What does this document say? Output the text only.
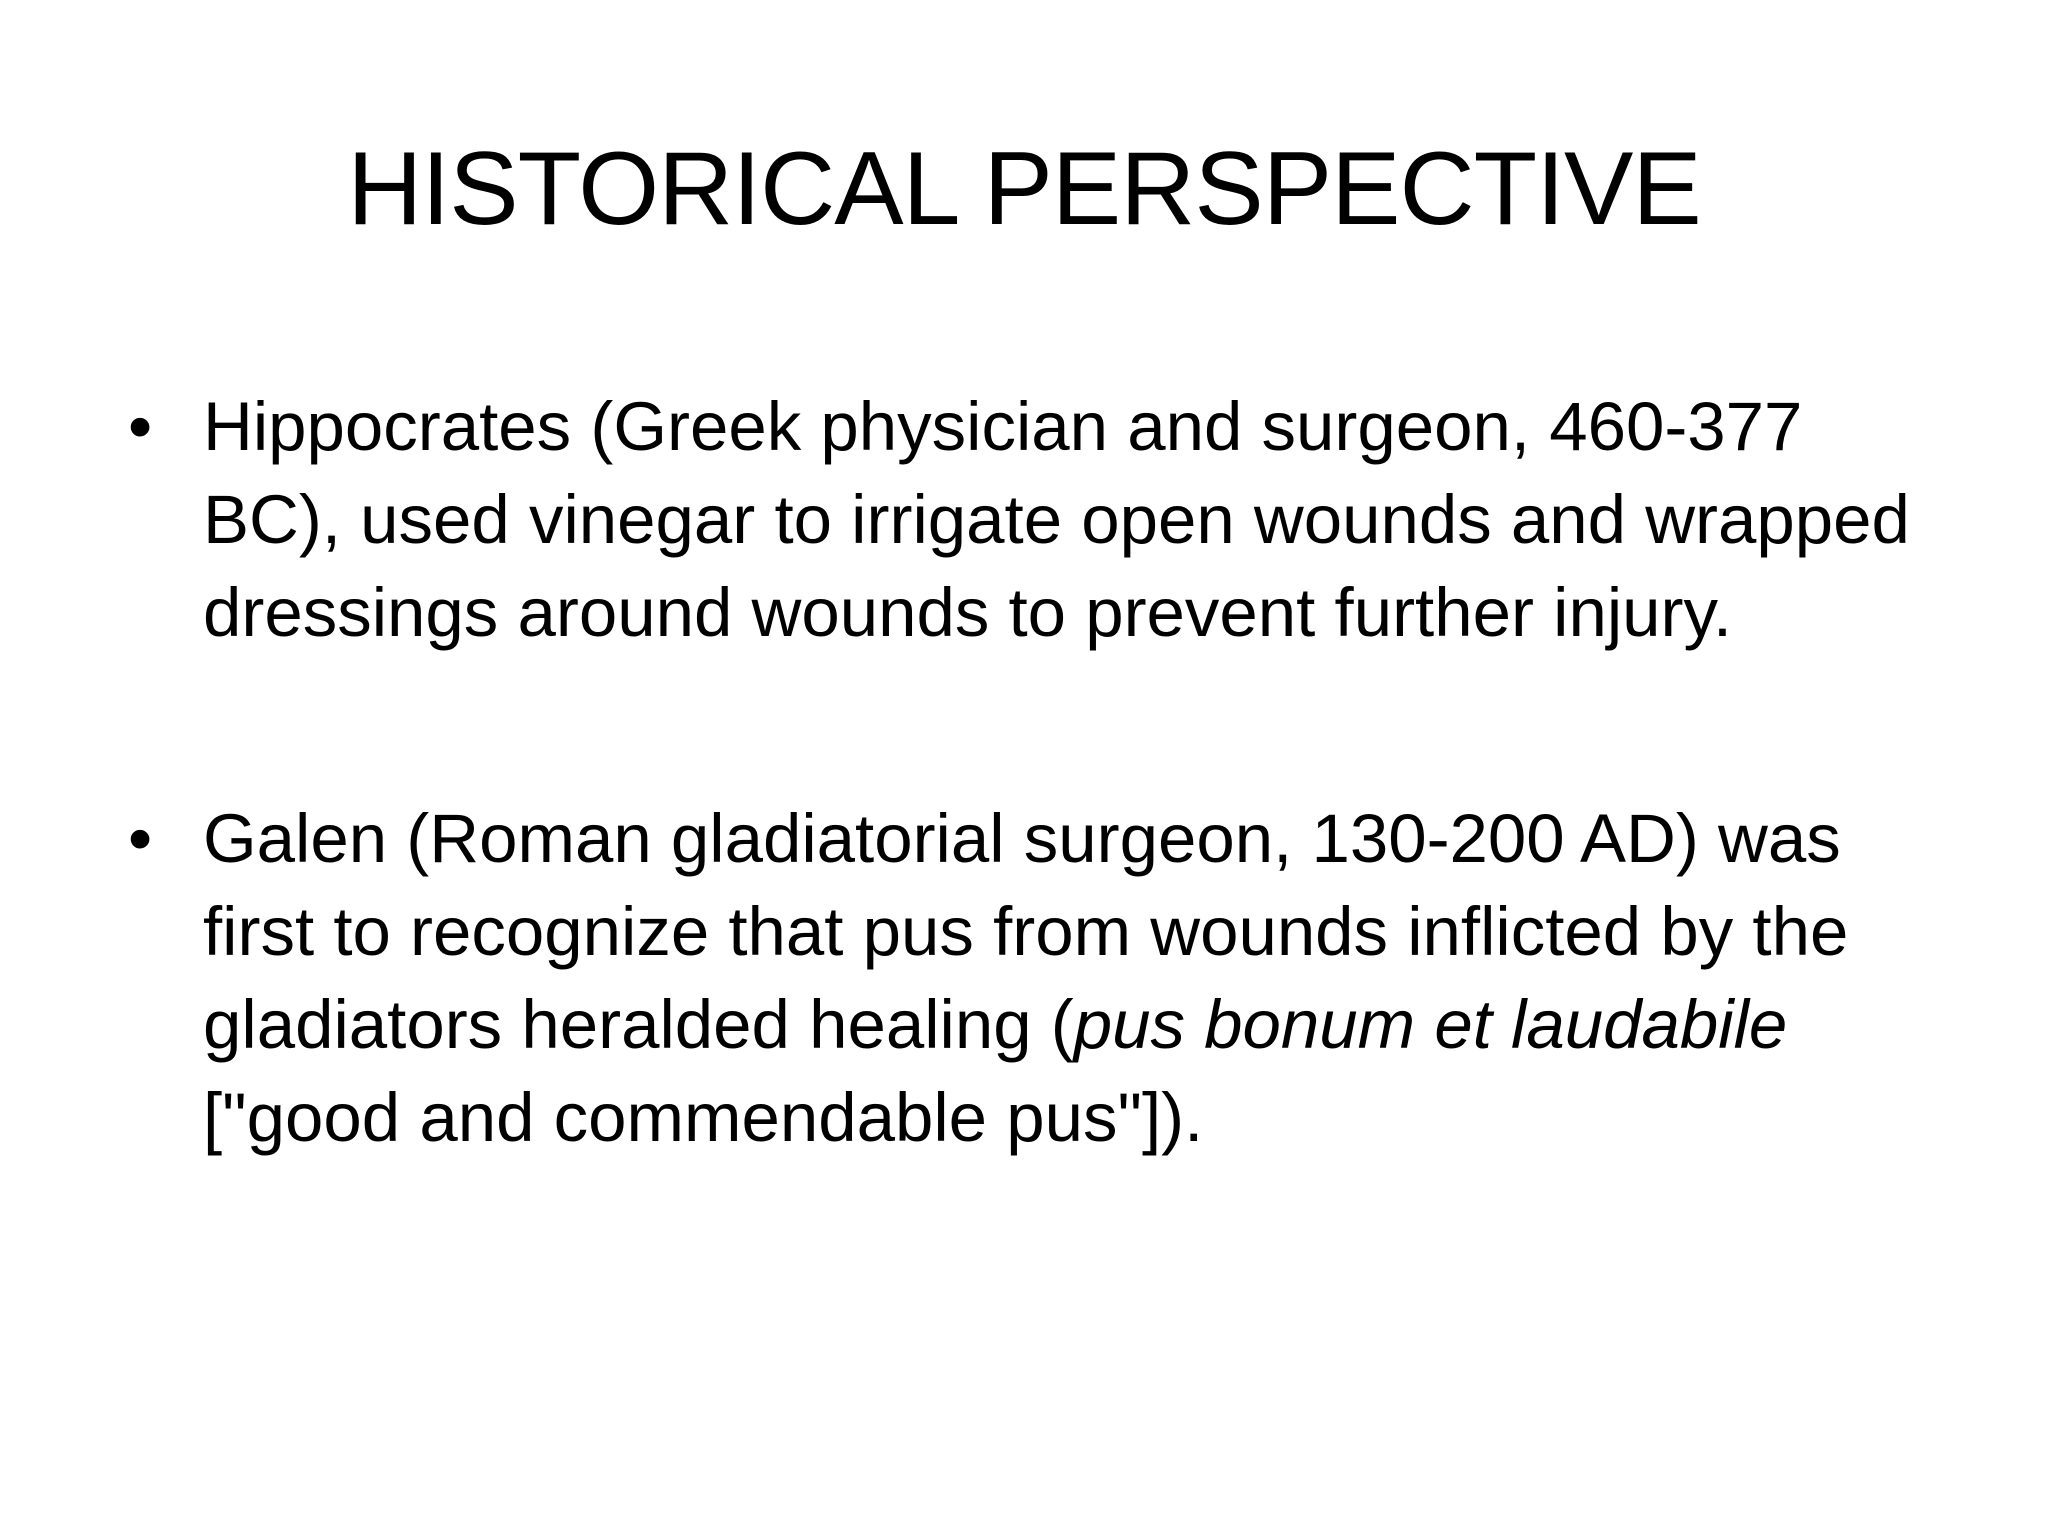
HISTORICAL PERSPECTIVE
• Hippocrates (Greek physician and surgeon, 460-377 BC), used vinegar to irrigate open wounds and wrapped dressings around wounds to prevent further injury.
• Galen (Roman gladiatorial surgeon, 130-200 AD) was first to recognize that pus from wounds inflicted by the gladiators heralded healing (pus bonum et laudabile ["good and commendable pus"]).
